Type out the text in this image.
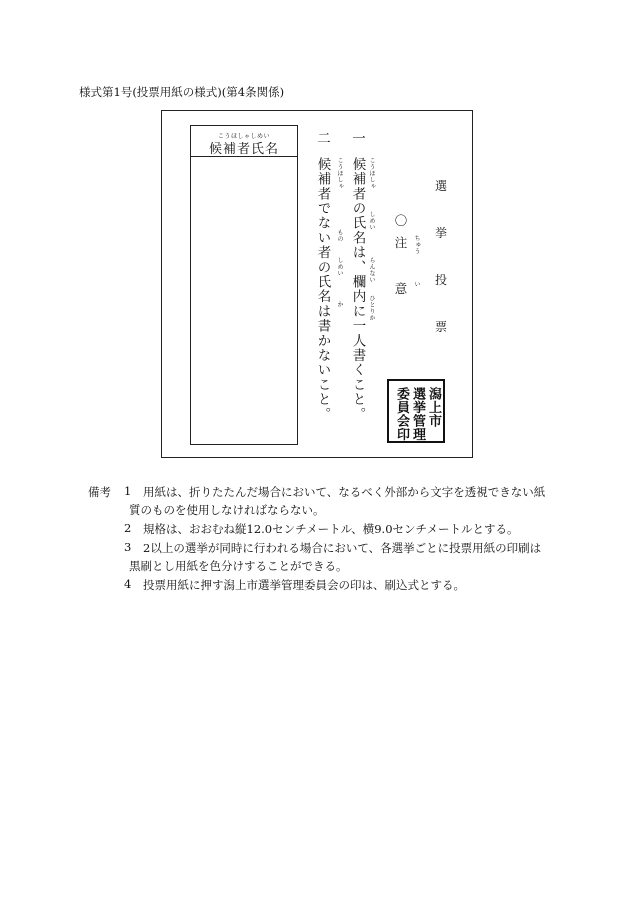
様式第1号(投票用紙の様式)(第4条関係)
こうほしゃしめい
候補者氏名
二
候補者でない者の氏名は書かないこと。 こうほしゃ
もの
しめい
か
一
候補者の氏名は、欄内に一人書くこと。 こうほしゃ
しめい
らんない
ひとりか
〇
注
意
ちゅう
い
選
挙
投
票
潟上市
選挙管理
委員会印
備考 1 用紙は、折りたたんだ場合において、なるべく外部から文字を透視できない紙
質のものを使用しなければならない。
2 規格は、おおむね縦12.0センチメートル、横9.0センチメートルとする。
3 2以上の選挙が同時に行われる場合において、各選挙ごとに投票用紙の印刷は
黒刷とし用紙を色分けすることができる。
4 投票用紙に押す潟上市選挙管理委員会の印は、刷込式とする。
